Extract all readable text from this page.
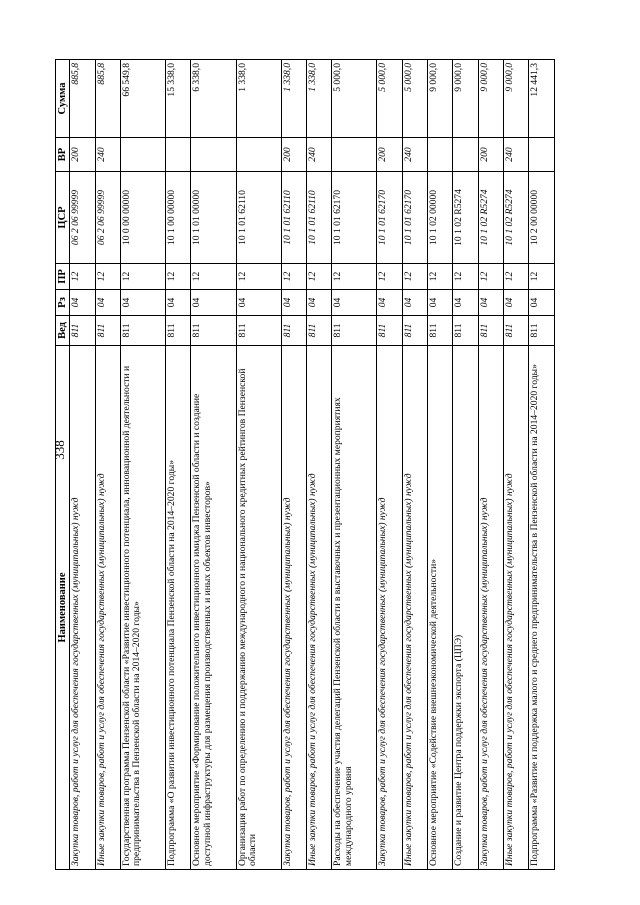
338
Наименование	Вед	Рз	ПР	ЦСР	ВР	Сумма
Закупка товаров, работ и услуг для обеспечения государственных (муниципальных) нужд	811	04	12	06 2 06 99999	200	885,8
Иные закупки товаров, работ и услуг для обеспечения государственных (муниципальных) нужд	811	04	12	06 2 06 99999	240	885,8
Государственная программа Пензенской области «Развитие инвестиционного потенциала, инновационной деятельности и предпринимательства в Пензенской области на 2014–2020 годы»	811	04	12	10 0 00 00000		66 549,8
Подпрограмма «О развитии инвестиционного потенциала Пензенской области на 2014–2020 годы»	811	04	12	10 1 00 00000		15 338,0
Основное мероприятие «Формирование положительного инвестиционного имиджа Пензенской области и создание доступной инфраструктуры для размещения производственных и иных объектов инвесторов»	811	04	12	10 1 01 00000		6 338,0
Организация работ по определению и поддержанию международного и национального кредитных рейтингов Пензенской области	811	04	12	10 1 01 62110		1 338,0
Закупка товаров, работ и услуг для обеспечения государственных (муниципальных) нужд	811	04	12	10 1 01 62110	200	1 338,0
Иные закупки товаров, работ и услуг для обеспечения государственных (муниципальных) нужд	811	04	12	10 1 01 62110	240	1 338,0
Расходы на обеспечение участия делегаций Пензенской области в выставочных и презентационных мероприятиях международного уровня	811	04	12	10 1 01 62170		5 000,0
Закупка товаров, работ и услуг для обеспечения государственных (муниципальных) нужд	811	04	12	10 1 01 62170	200	5 000,0
Иные закупки товаров, работ и услуг для обеспечения государственных (муниципальных) нужд	811	04	12	10 1 01 62170	240	5 000,0
Основное мероприятие «Содействие внешнеэкономической деятельности»	811	04	12	10 1 02 00000		9 000,0
Создание и развитие Центра поддержки экспорта (ЦПЭ)	811	04	12	10 1 02 R5274		9 000,0
Закупка товаров, работ и услуг для обеспечения государственных (муниципальных) нужд	811	04	12	10 1 02 R5274	200	9 000,0
Иные закупки товаров, работ и услуг для обеспечения государственных (муниципальных) нужд	811	04	12	10 1 02 R5274	240	9 000,0
Подпрограмма «Развитие и поддержка малого и среднего предпринимательства в Пензенской области на 2014–2020 годы»	811	04	12	10 2 00 00000		12 441,3
